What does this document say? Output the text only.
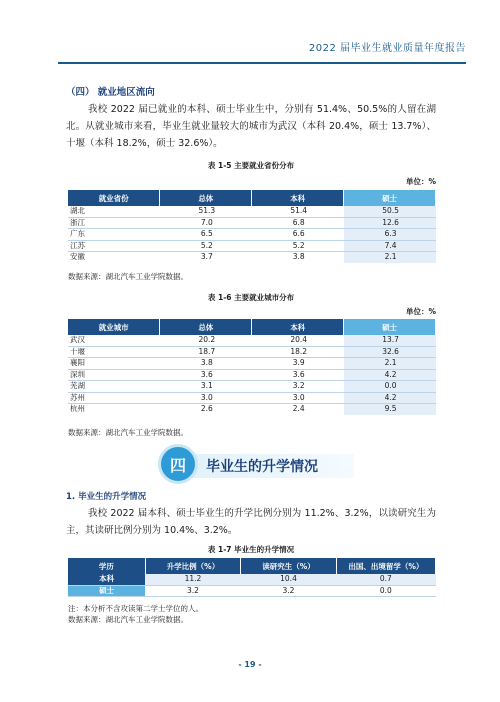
2022 届毕业生就业质量年度报告
（四） 就业地区流向
我校 2022 届已就业的本科、硕士毕业生中，分别有 51.4%、50.5%的人留在湖北。从就业城市来看，毕业生就业量较大的城市为武汉（本科 20.4%，硕士 13.7%）、十堰（本科 18.2%，硕士 32.6%）。
表 1-5 主要就业省份分布
单位：%
就业省份	总体	本科	硕士
湖北	51.3	51.4	50.5
浙江	7.0	6.8	12.6
广东	6.5	6.6	6.3
江苏	5.2	5.2	7.4
安徽	3.7	3.8	2.1
数据来源：湖北汽车工业学院数据。
表 1-6 主要就业城市分布
单位：%
就业城市	总体	本科	硕士
武汉	20.2	20.4	13.7
十堰	18.7	18.2	32.6
襄阳	3.8	3.9	2.1
深圳	3.6	3.6	4.2
芜湖	3.1	3.2	0.0
苏州	3.0	3.0	4.2
杭州	2.6	2.4	9.5
数据来源：湖北汽车工业学院数据。
四	毕业生的升学情况
1. 毕业生的升学情况
我校 2022 届本科、硕士毕业生的升学比例分别为 11.2%、3.2%，以读研究生为主，其读研比例分别为 10.4%、3.2%。
表 1-7 毕业生的升学情况
学历	升学比例（%）	读研究生（%）	出国、出境留学（%）
本科	11.2	10.4	0.7
硕士	3.2	3.2	0.0
注：本分析不含攻读第二学士学位的人。
数据来源：湖北汽车工业学院数据。
- 19 -
